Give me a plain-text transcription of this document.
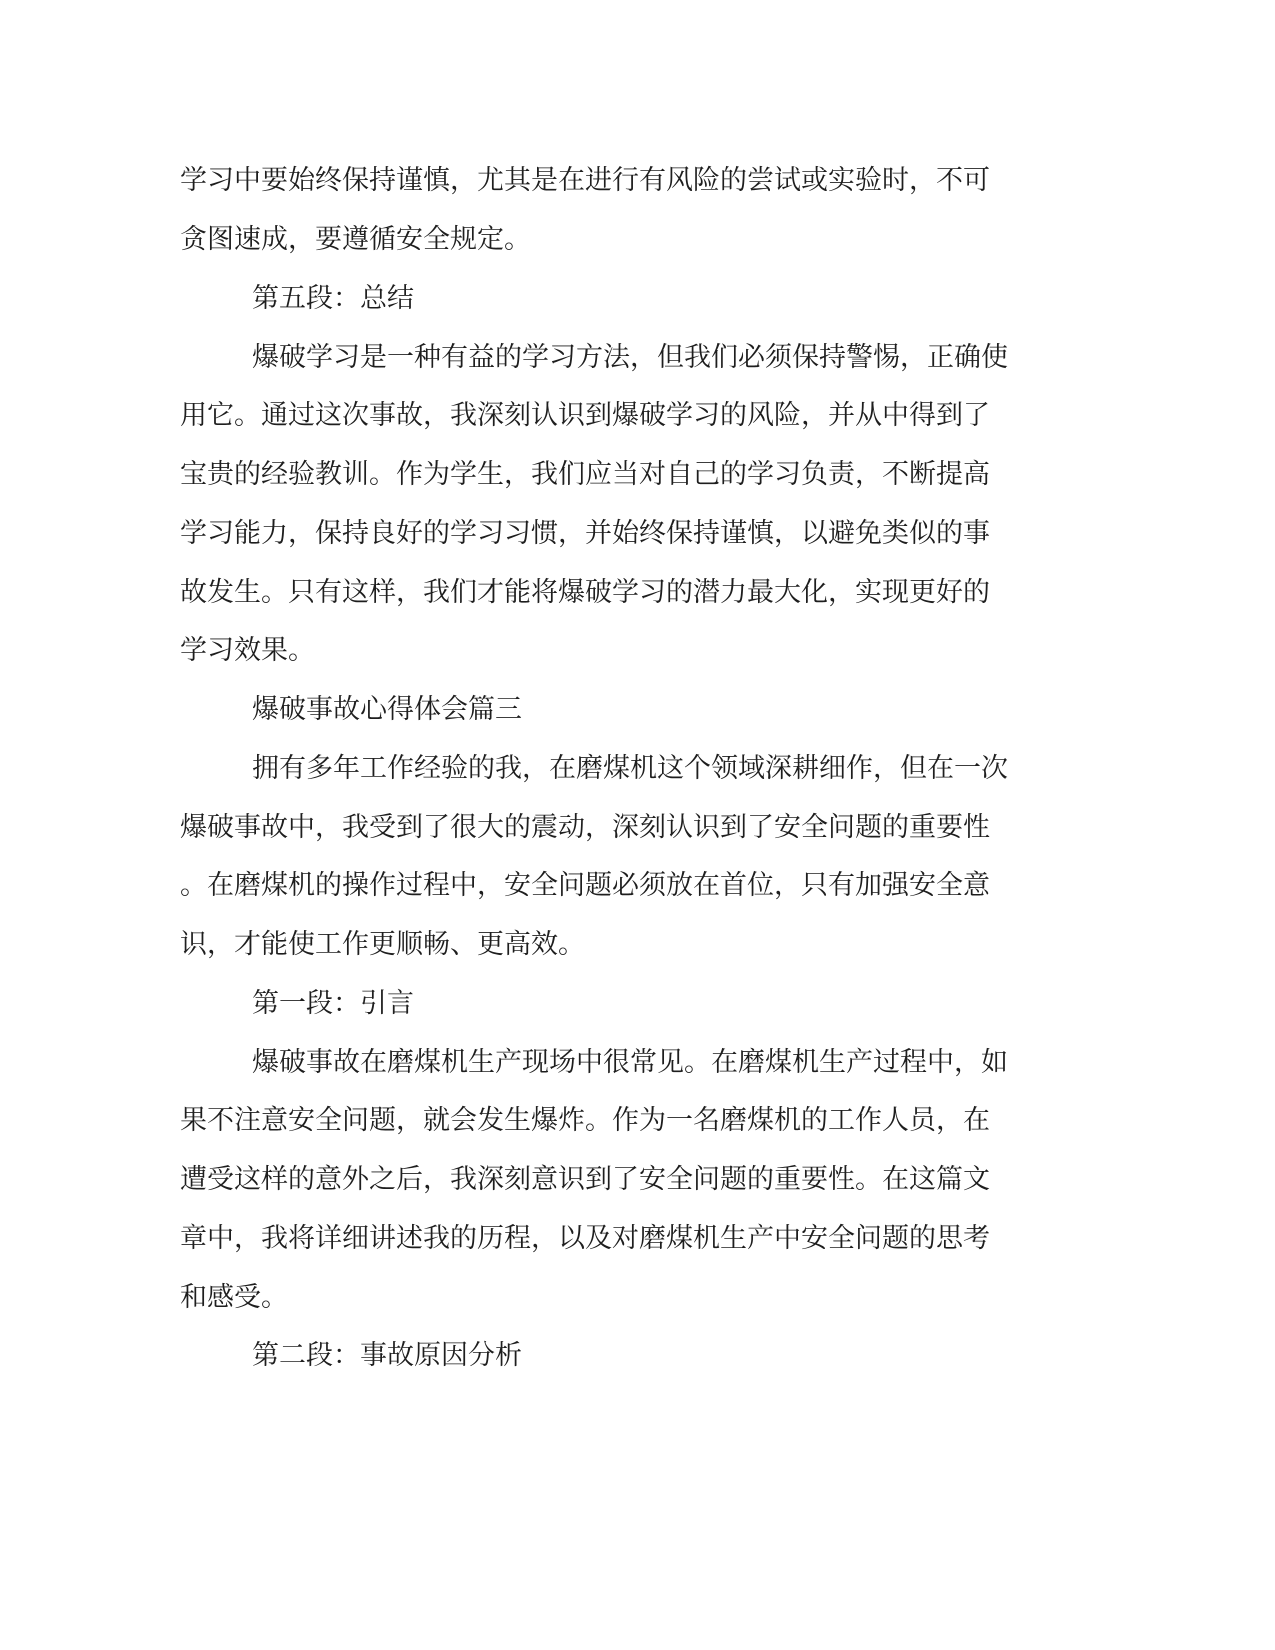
学习中要始终保持谨慎，尤其是在进行有风险的尝试或实验时，不可
贪图速成，要遵循安全规定。
第五段：总结
爆破学习是一种有益的学习方法，但我们必须保持警惕，正确使
用它。通过这次事故，我深刻认识到爆破学习的风险，并从中得到了
宝贵的经验教训。作为学生，我们应当对自己的学习负责，不断提高
学习能力，保持良好的学习习惯，并始终保持谨慎，以避免类似的事
故发生。只有这样，我们才能将爆破学习的潜力最大化，实现更好的
学习效果。
爆破事故心得体会篇三
拥有多年工作经验的我，在磨煤机这个领域深耕细作，但在一次
爆破事故中，我受到了很大的震动，深刻认识到了安全问题的重要性
。在磨煤机的操作过程中，安全问题必须放在首位，只有加强安全意
识，才能使工作更顺畅、更高效。
第一段：引言
爆破事故在磨煤机生产现场中很常见。在磨煤机生产过程中，如
果不注意安全问题，就会发生爆炸。作为一名磨煤机的工作人员，在
遭受这样的意外之后，我深刻意识到了安全问题的重要性。在这篇文
章中，我将详细讲述我的历程，以及对磨煤机生产中安全问题的思考
和感受。
第二段：事故原因分析
